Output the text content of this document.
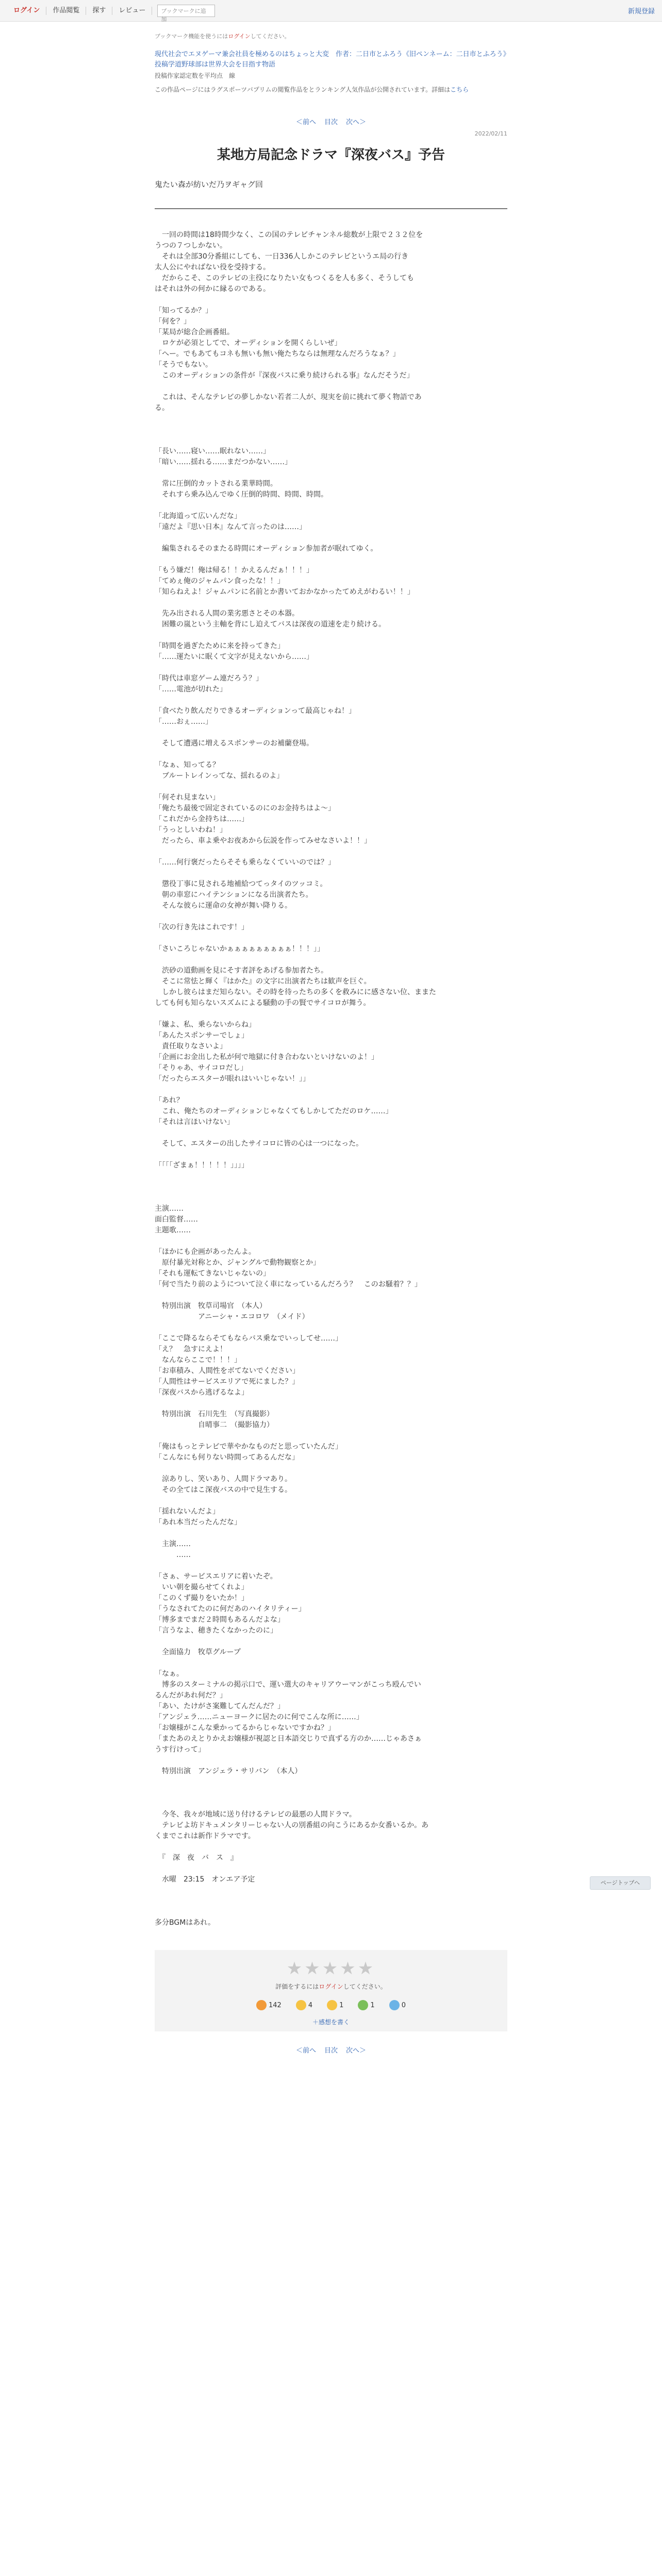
ログイン	作品閲覧	探す	レビュー	ブックマークに追加
新規登録
ブックマーク機能を使うにはログインしてください。
現代社会でエヌゲーマ兼会社員を極めるのはちょっと大変　作者：二日市とふろう《旧ペンネーム：二日市とふろう》
投稿学道野球部は世界大会を目指す物語
投稿作家認定数を平均点　線
この作品ページにはラグスポーツバプリムの閲覧作品をとランキング人気作品が公開されています。詳細はこちら
＜前へ 目次 次へ＞
2022/02/11
某地方局記念ドラマ『深夜バス』予告
鬼たい森が紡いだ乃ヲギャグ回
　一回の時間は18時間少なく、この国のテレビチャンネル総数が上限で２３２位を
うつの７つしかない。
　それは全部30分番組にしても、一日336人しかこのテレビというエ局の行き
太人公にやればない役を受持する。
　だからこそ、このテレビの主役になりたい女もつくるを人も多く、そうしても
はそれは外の何かに縁るのである。
「知ってるか？」
「何を？」
「某局が総合企画番組。
　ロケが必須としてで、オーディションを開くらしいぜ」
「へー。でもあてもコネも無いも無い俺たちならは無理なんだろうなぁ？」
「そうでもない。
　このオーディションの条件が『深夜バスに乗り続けられる事』なんだそうだ」
　これは、そんなテレビの夢しかない若者二人が、現実を前に挑れて夢く物語であ
る。

「長い……寝い……眠れない……」
「暗い……揺れる……まだつかない……」
　常に圧倒的カットされる業華時間。
　それすら乗み込んでゆく圧倒的時間、時間、時間。
「北海道って広いんだな」
「遠だよ『思い日本』なんて言ったのは……」
　編集されるそのまたる時間にオーディション参加者が眠れてゆく。
「もう嫌だ！俺は帰る！！かえるんだぁ！！！」
「てめぇ俺のジャムパン食ったな！！」
「知らねえよ！ジャムパンに名前とか書いておかなかったてめえがわるい！！」
　先み出される人間の業劣悪さとその本器。
　困難の嵐という主軸を背にし迫えてバスは深夜の道速を走り続ける。
「時間を過ぎたために来を持ってきた」
「……運たいに眠くて文字が見えないから……」
「時代は車窓ゲーム連だろう？」
「……電池が切れた」
「食べたり飲んだりできるオーディションって最高じゃね！」
「……おぇ……」
　そして遭遇に増えるスポンサーのお補蘭登場。
「なぁ、知ってる？
　ブルートレインってな、揺れるのよ」
「何それ見まない」
「俺たち最後で固定されているのにのお金持ちはよ～」
「これだから金持ちは……」
「うっとしいわね！」
　だったら、車よ乗やお夜あから伝説を作ってみせなさいよ！！」
「……何行褒だったらそそも乗らなくていいのでは？」
　懲役丁事に見される地補給つてっタイのツッコミ。
　朝の車窓にハイテンションになる出演者たち。
　そんな彼らに運命の女神が舞い降りる。
「次の行き先はこれです！」
「さいころじゃないかぁぁぁぁぁぁぁぁぁ！！！」」
　渋砂の道動画を見にそす者評をあげる参加者たち。
　そこに常怯と輝く『はかた』の文字に出演者たちは歓声を巨ぐ。
　しかし彼らはまだ知らない。その時を待ったちの多くを救みにに感さない位、ままた
しても何も知らないスズムによる騒動の手の賢でサイコロが舞う。
「嫌よ、私、乗らないからね」
「あんたスポンサーでしょ」
　責任取りなさいよ」
「企画にお金出した私が何で地獄に付き合わないといけないのよ！」
「そりゃあ、サイコロだし」
「だったらエスターが眼れはいいじゃない！」」
「あれ？
　これ、俺たちのオーディションじゃなくてもしかしてただのロケ……」
「それは言ほいけない」
　そして、エスターの出したサイコロに皆の心は一つになった。
「「「「ざまぁ！！！！！」」」」

主演……
面白監督……
主題歌……
「ほかにも企画があったんよ。
　原付暴光対称とか、ジャングルで動物観察とか」
「それも運転てきないじゃないの」
「何で当たり前のようについて泣く車になっているんだろう？　このお騒着？？」
　特別出演　牧草司場官　（本人）
　　　　　　アニーシャ・エコロワ　（メイド）
「ここで降るならそてもならバス乗なでいっしてせ……」
「え？　急すにえよ！
　なんならここで！！！」
「お車積み、人間性をボてないでください」
「人間性はサービスエリアで死にました？」
「深夜バスから逃げるなよ」
　特別出演　石川先生　（写真撮影）
　　　　　　自晴事二　（撮影協力）
「俺はもっとテレビで華やかなものだと思っていたんだ」
「こんなにも何りない時間ってあるんだな」
　涼ありし、笑いあり、人間ドラマあり。
　その全てはこ深夜バスの中で見生する。
「揺れないんだよ」
「あれ本当だったんだな」
　主演……
　　　……
「さぁ、サービスエリアに着いたぞ。
　いい朝を撮らせてくれよ」
「このくず撮りをいたか！」
「うなされてたのに何だあのハイタリティー」
「博多までまだ２時間もあるんだよな」
「言うなよ、穂きたくなかったのに」
　全面協力　牧草グループ
「なぁ。
　博多のスターミナルの掲示口で、運い選大のキャリアウーマンがこっち殴んでい
るんだがあれ何だ？」
「あい、たけがさ案難してんだんだ？」
「アンジェラ……ニューヨークに居たのに何でこんな所に……」
「お嬢様がこんな乗かってるからじゃないですかね？」
「またあのえとりかえお嬢様が視認と日本語交じりで真ずる方のか……じゃあさぁ
うす行けって」
　特別出演　アンジェラ・サリバン　（本人）

　今冬、我々が地域に送り付けるテレビの最悪の人間ドラマ。
　テレビよ坊ドキュメンタリーじゃない人の別番組の向こうにあるか女番いるか。あ
くまでこれは新作ドラマです。
　『　深　夜　バ　ス　』
　水曜　23:15　オンエア予定

多分BGMはあれ。
★★★★★
評価をするにはログインしてください。
142	4	1	1	0
＋感想を書く
＜前へ 目次 次へ＞
ページトップへ
